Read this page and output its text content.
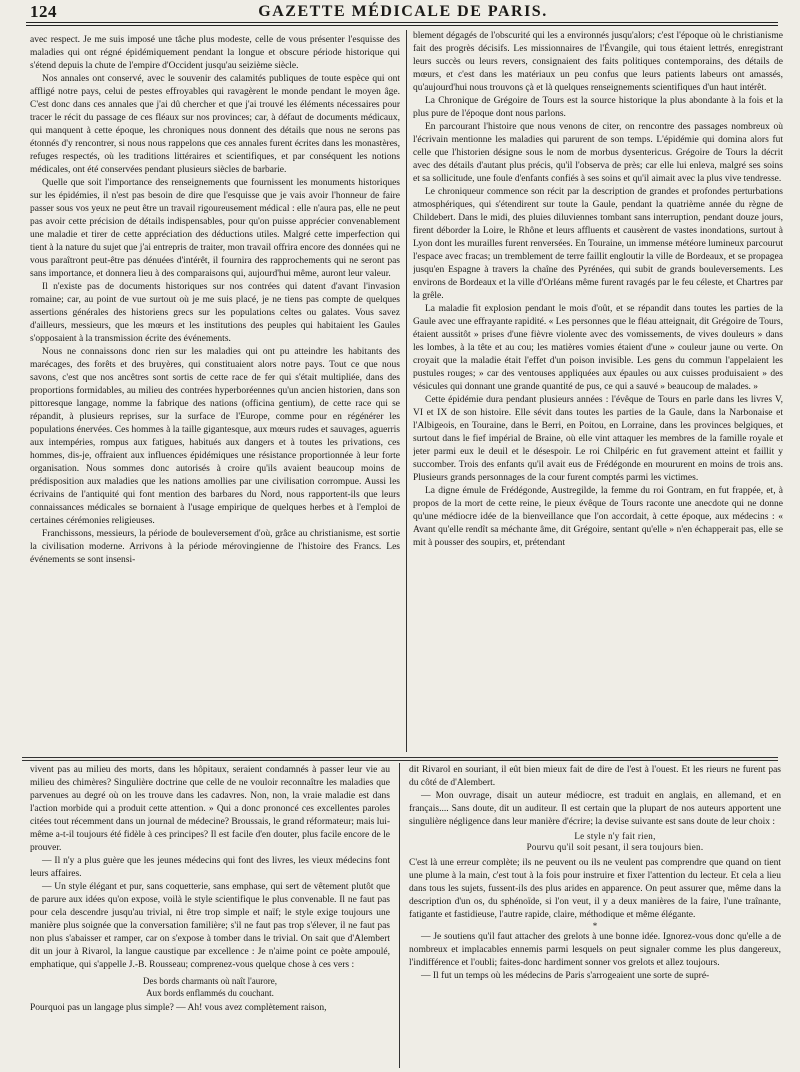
124	GAZETTE MÉDICALE DE PARIS.

avec respect. Je me suis imposé une tâche plus modeste, celle de vous présenter l'esquisse des maladies qui ont régné épidémiquement pendant la longue et obscure période historique qui s'étend depuis la chute de l'empire d'Occident jusqu'au seizième siècle.

Nos annales ont conservé, avec le souvenir des calamités publiques de toute espèce qui ont affligé notre pays, celui de pestes effroyables qui ravagèrent le monde pendant le moyen âge. C'est donc dans ces annales que j'ai dû chercher et que j'ai trouvé les éléments nécessaires pour tracer le récit du passage de ces fléaux sur nos provinces; car, à défaut de documents médicaux, qui manquent à cette époque, les chroniques nous donnent des détails que nous ne serons pas étonnés d'y rencontrer, si nous nous rappelons que ces annales furent écrites dans les monastères, refuges respectés, où les traditions littéraires et scientifiques, et par conséquent les notions médicales, ont été conservées pendant plusieurs siècles de barbarie.

Quelle que soit l'importance des renseignements que fournissent les monuments historiques sur les épidémies, il n'est pas besoin de dire que l'esquisse que je vais avoir l'honneur de faire passer sous vos yeux ne peut être un travail rigoureusement médical : elle n'aura pas, elle ne peut pas avoir cette précision de détails indispensables, pour qu'on puisse apprécier convenablement une maladie et tirer de cette appréciation des déductions utiles. Malgré cette imperfection qui tient à la nature du sujet que j'ai entrepris de traiter, mon travail offrira encore des données qui ne vous paraîtront peut-être pas dénuées d'intérêt, il fournira des rapprochements qui ne seront pas sans importance, et donnera lieu à des comparaisons qui, aujourd'hui même, auront leur valeur.

Il n'existe pas de documents historiques sur nos contrées qui datent d'avant l'invasion romaine; car, au point de vue surtout où je me suis placé, je ne tiens pas compte de quelques assertions générales des historiens grecs sur les populations celtes ou galates. Vous savez d'ailleurs, messieurs, que les mœurs et les institutions des peuples qui habitaient les Gaules s'opposaient à la transmission écrite des événements.

Nous ne connaissons donc rien sur les maladies qui ont pu atteindre les habitants des marécages, des forêts et des bruyères, qui constituaient alors notre pays. Tout ce que nous savons, c'est que nos ancêtres sont sortis de cette race de fer qui s'était multipliée, dans des proportions formidables, au milieu des contrées hyperboréennes qu'un ancien historien, dans son pittoresque langage, nomme la fabrique des nations (officina gentium), de cette race qui se répandit, à plusieurs reprises, sur la surface de l'Europe, comme pour en régénérer les populations énervées. Ces hommes à la taille gigantesque, aux mœurs rudes et sauvages, aguerris aux intempéries, rompus aux fatigues, habitués aux dangers et à toutes les privations, ces hommes, dis-je, offraient aux influences épidémiques une résistance proportionnée à leur forte organisation. Nous sommes donc autorisés à croire qu'ils avaient beaucoup moins de prédisposition aux maladies que les nations amollies par une civilisation corrompue. Aussi les écrivains de l'antiquité qui font mention des barbares du Nord, nous rapportent-ils que leurs connaissances médicales se bornaient à l'usage empirique de quelques herbes et à l'emploi de certaines cérémonies religieuses.

Franchissons, messieurs, la période de bouleversement d'où, grâce au christianisme, est sortie la civilisation moderne. Arrivons à la période mérovingienne de l'histoire des Francs. Les événements se sont insensi-

blement dégagés de l'obscurité qui les a environnés jusqu'alors; c'est l'époque où le christianisme fait des progrès décisifs. Les missionnaires de l'Évangile, qui tous étaient lettrés, enregistrant leurs succès ou leurs revers, consignaient des faits politiques contemporains, des détails de mœurs, et c'est dans les matériaux un peu confus que leurs patients labeurs ont amassés, qu'aujourd'hui nous trouvons çà et là quelques renseignements scientifiques d'un haut intérêt.

La Chronique de Grégoire de Tours est la source historique la plus abondante à la fois et la plus pure de l'époque dont nous parlons.

En parcourant l'histoire que nous venons de citer, on rencontre des passages nombreux où l'écrivain mentionne les maladies qui parurent de son temps. L'épidémie qui domina alors fut celle que l'historien désigne sous le nom de morbus dysentericus. Grégoire de Tours la décrit avec des détails d'autant plus précis, qu'il l'observa de près; car elle lui enleva, malgré ses soins et sa sollicitude, une foule d'enfants confiés à ses soins et qu'il aimait avec la plus vive tendresse.

Le chroniqueur commence son récit par la description de grandes et profondes perturbations atmosphériques, qui s'étendirent sur toute la Gaule, pendant la quatrième année du règne de Childebert. Dans le midi, des pluies diluviennes tombant sans interruption, pendant douze jours, firent déborder la Loire, le Rhône et leurs affluents et causèrent de vastes inondations, surtout à Lyon dont les murailles furent renversées. En Touraine, un immense météore lumineux parcourut l'espace avec fracas; un tremblement de terre faillit engloutir la ville de Bordeaux, et se propagea jusqu'en Espagne à travers la chaîne des Pyrénées, qui subit de grands bouleversements. Les environs de Bordeaux et la ville d'Orléans même furent ravagés par le feu céleste, et Chartres par la grêle.

La maladie fit explosion pendant le mois d'oût, et se répandit dans toutes les parties de la Gaule avec une effrayante rapidité. « Les personnes que le fléau atteignait, dit Grégoire de Tours, étaient aussitôt » prises d'une fièvre violente avec des vomissements, de vives douleurs » dans les lombes, à la tête et au cou; les matières vomies étaient d'une » couleur jaune ou verte. On croyait que la maladie était l'effet d'un poison invisible. Les gens du commun l'appelaient les pustules rouges; » car des ventouses appliquées aux épaules ou aux cuisses produisaient » des vésicules qui donnant une grande quantité de pus, ce qui a sauvé » beaucoup de malades. »

Cette épidémie dura pendant plusieurs années : l'évêque de Tours en parle dans les livres V, VI et IX de son histoire. Elle sévit dans toutes les parties de la Gaule, dans la Narbonaise et l'Albigeois, en Touraine, dans le Berri, en Poitou, en Lorraine, dans les provinces belgiques, et surtout dans le fief impérial de Braine, où elle vint attaquer les membres de la famille royale et jeter parmi eux le deuil et le désespoir. Le roi Chilpéric en fut gravement atteint et faillit y succomber. Trois des enfants qu'il avait eus de Frédégonde en moururent en moins de trois ans. Plusieurs grands personnages de la cour furent comptés parmi les victimes.

La digne émule de Frédégonde, Austregilde, la femme du roi Gontram, en fut frappée, et, à propos de la mort de cette reine, le pieux évêque de Tours raconte une anecdote qui ne donne qu'une médiocre idée de la bienveillance que l'on accordait, à cette époque, aux médecins : « Avant qu'elle rendît sa méchante âme, dit Grégoire, sentant qu'elle » n'en échapperait pas, elle se mit à pousser des soupirs, et, prétendant

vivent pas au milieu des morts, dans les hôpitaux, seraient condamnés à passer leur vie au milieu des chimères? Singulière doctrine que celle de ne vouloir reconnaître les maladies que parvenues au degré où on les trouve dans les cadavres. Non, non, la vraie maladie est dans l'action morbide qui a produit cette attention. » Qui a donc prononcé ces excellentes paroles citées tout récemment dans un journal de médecine? Broussais, le grand réformateur; mais lui-même a-t-il toujours été fidèle à ces principes? Il est facile d'en douter, plus facile encore de le prouver.

— Il n'y a plus guère que les jeunes médecins qui font des livres, les vieux médecins font leurs affaires.

— Un style élégant et pur, sans coquetterie, sans emphase, qui sert de vêtement plutôt que de parure aux idées qu'on expose, voilà le style scientifique le plus convenable. Il ne faut pas pour cela descendre jusqu'au trivial, ni être trop simple et naïf; le style exige toujours une manière plus soignée que la conversation familière; s'il ne faut pas trop s'élever, il ne faut pas non plus s'abaisser et ramper, car on s'expose à tomber dans le trivial. On sait que d'Alembert dit un jour à Rivarol, la langue caustique par excellence : Je n'aime point ce poète ampoulé, emphatique, qui s'appelle J.-B. Rousseau; comprenez-vous quelque chose à ces vers :

Des bords charmants où naît l'aurore,
Aux bords enflammés du couchant.

Pourquoi pas un langage plus simple? — Ah! vous avez complètement raison,

dit Rivarol en souriant, il eût bien mieux fait de dire de l'est à l'ouest. Et les rieurs ne furent pas du côté de d'Alembert.

— Mon ouvrage, disait un auteur médiocre, est traduit en anglais, en allemand, et en français.... Sans doute, dit un auditeur. Il est certain que la plupart de nos auteurs apportent une singulière négligence dans leur manière d'écrire; la devise suivante est sans doute de leur choix :

Le style n'y fait rien,
Pourvu qu'il soit pesant, il sera toujours bien.

C'est là une erreur complète; ils ne peuvent ou ils ne veulent pas comprendre que quand on tient une plume à la main, c'est tout à la fois pour instruire et fixer l'attention du lecteur. Et cela a lieu dans tous les sujets, fussent-ils des plus arides en apparence. On peut assurer que, même dans la description d'un os, du sphénoïde, si l'on veut, il y a deux manières de la faire, l'une traînante, fatigante et fastidieuse, l'autre rapide, claire, méthodique et même élégante.

*

— Je soutiens qu'il faut attacher des grelots à une bonne idée. Ignorez-vous donc qu'elle a de nombreux et implacables ennemis parmi lesquels on peut signaler comme les plus dangereux, l'indifférence et l'oubli; faites-donc hardiment sonner vos grelots et allez toujours.

— Il fut un temps où les médecins de Paris s'arrogeaient une sorte de supré-
